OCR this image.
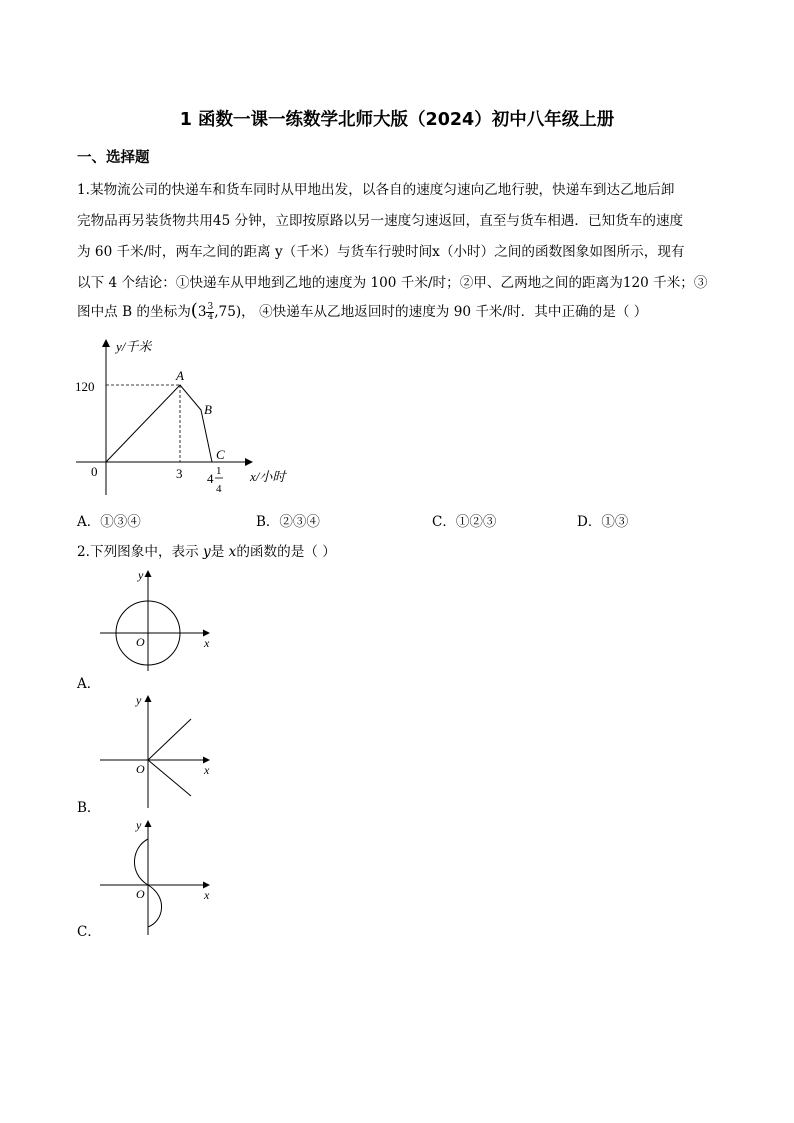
1 函数一课一练数学北师大版（2024）初中八年级上册
一、选择题
1.某物流公司的快递车和货车同时从甲地出发，以各自的速度匀速向乙地行驶，快递车到达乙地后卸
完物品再另装货物共用45 分钟，立即按原路以另一速度匀速返回，直至与货车相遇．已知货车的速度
为 60 千米/时，两车之间的距离 y（千米）与货车行驶时间x（小时）之间的函数图象如图所示，现有
以下 4 个结论：①快递车从甲地到乙地的速度为 100 千米/时；②甲、乙两地之间的距离为120 千米；③
图中点 B 的坐标为$(3 \frac{3}{4} ,75)$， ④快递车从乙地返回时的速度为 90 千米/时．其中正确的是（ ）
y/千米
120
0	3 4 1
4
x/小时
A
B
C
A．①③④	B．②③④	C．①②③	D．①③
2.下列图象中，表示 y是 x的函数的是（ ）
y
x
O
A．
y
x
O
B．
y
x
O
C．
